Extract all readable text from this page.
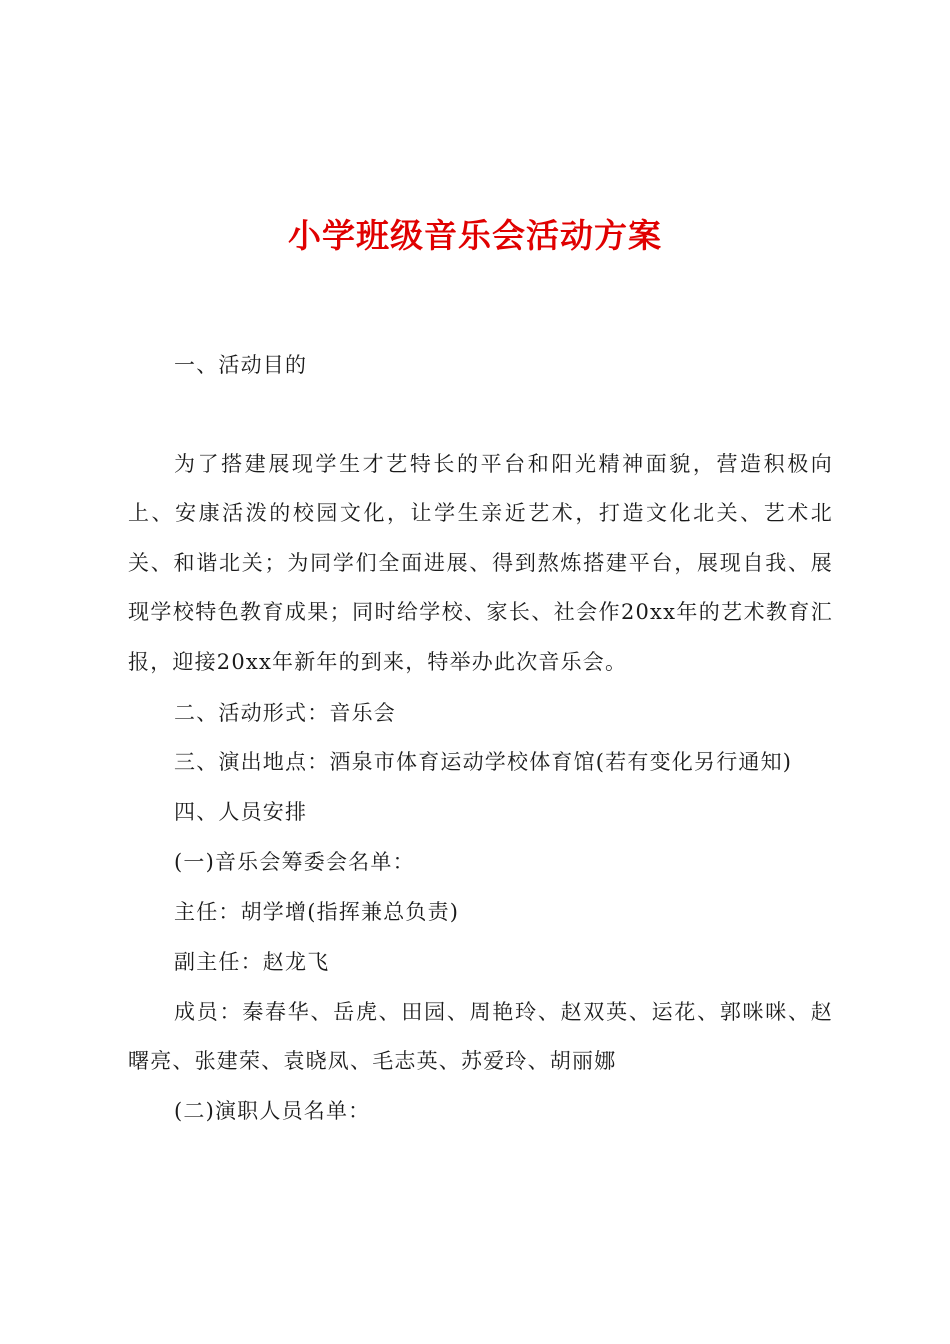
小学班级音乐会活动方案
一、活动目的
为了搭建展现学生才艺特长的平台和阳光精神面貌，营造积极向上、安康活泼的校园文化，让学生亲近艺术，打造文化北关、艺术北关、和谐北关；为同学们全面进展、得到熬炼搭建平台，展现自我、展现学校特色教育成果；同时给学校、家长、社会作20xx年的艺术教育汇报，迎接20xx年新年的到来，特举办此次音乐会。
二、活动形式：音乐会
三、演出地点：酒泉市体育运动学校体育馆(若有变化另行通知)
四、人员安排
(一)音乐会筹委会名单：
主任：胡学增(指挥兼总负责)
副主任：赵龙飞
成员：秦春华、岳虎、田园、周艳玲、赵双英、运花、郭咪咪、赵曙亮、张建荣、袁晓凤、毛志英、苏爱玲、胡丽娜
(二)演职人员名单：
